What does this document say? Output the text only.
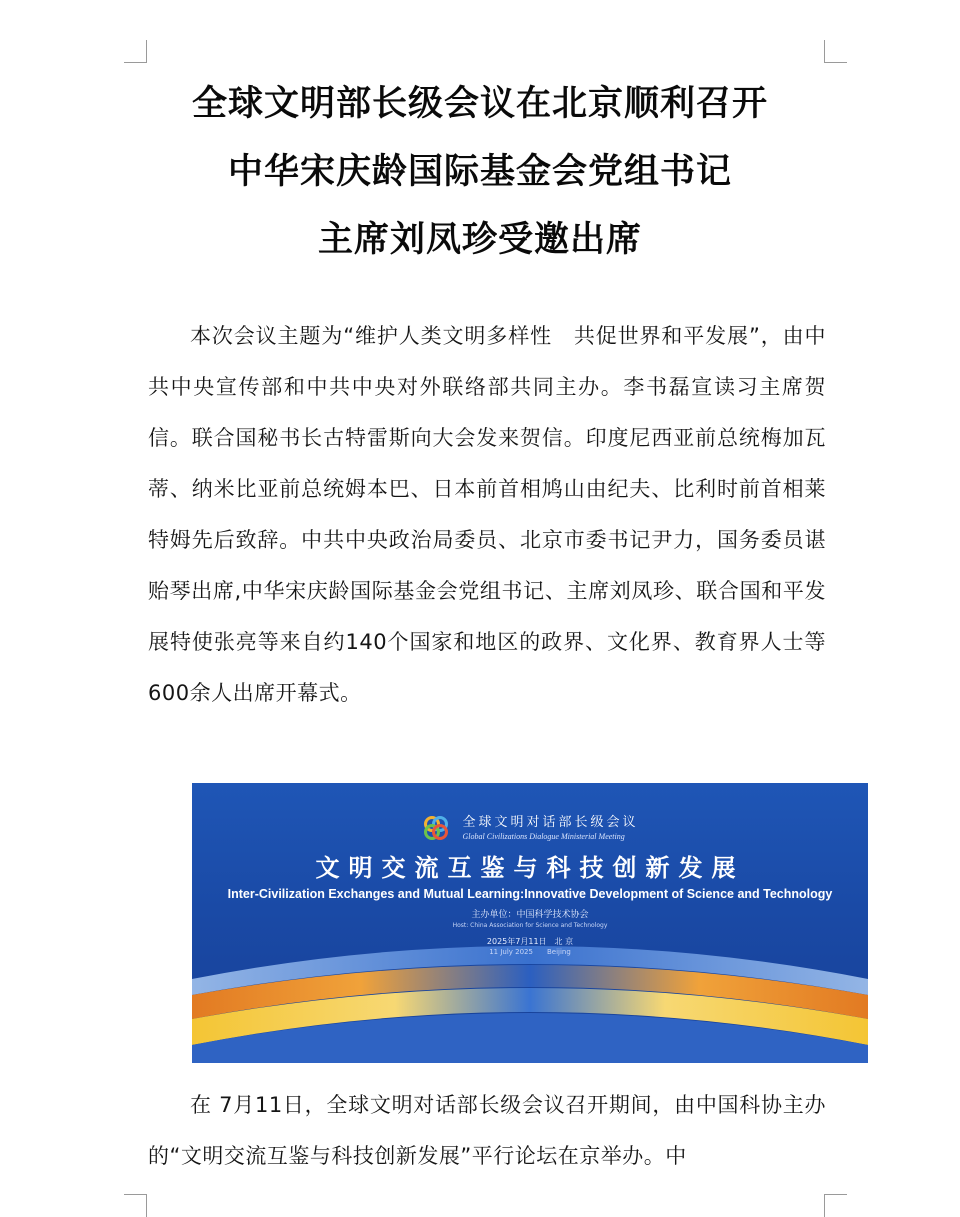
全球文明部长级会议在北京顺利召开
中华宋庆龄国际基金会党组书记
主席刘凤珍受邀出席

本次会议主题为“维护人类文明多样性　共促世界和平发展”，由中共中央宣传部和中共中央对外联络部共同主办。李书磊宣读习主席贺信。联合国秘书长古特雷斯向大会发来贺信。印度尼西亚前总统梅加瓦蒂、纳米比亚前总统姆本巴、日本前首相鸠山由纪夫、比利时前首相莱特姆先后致辞。中共中央政治局委员、北京市委书记尹力，国务委员谌贻琴出席,中华宋庆龄国际基金会党组书记、主席刘凤珍、联合国和平发展特使张亮等来自约140个国家和地区的政界、文化界、教育界人士等600余人出席开幕式。

全球文明对话部长级会议
Global Civilizations Dialogue Ministerial Meeting
文明交流互鉴与科技创新发展
Inter-Civilization Exchanges and Mutual Learning:Innovative Development of Science and Technology
主办单位：中国科学技术协会
Host: China Association for Science and Technology
2025年7月11日　北 京
11 July 2025　　Beijing

在 7月11日，全球文明对话部长级会议召开期间，由中国科协主办的“文明交流互鉴与科技创新发展”平行论坛在京举办。中
